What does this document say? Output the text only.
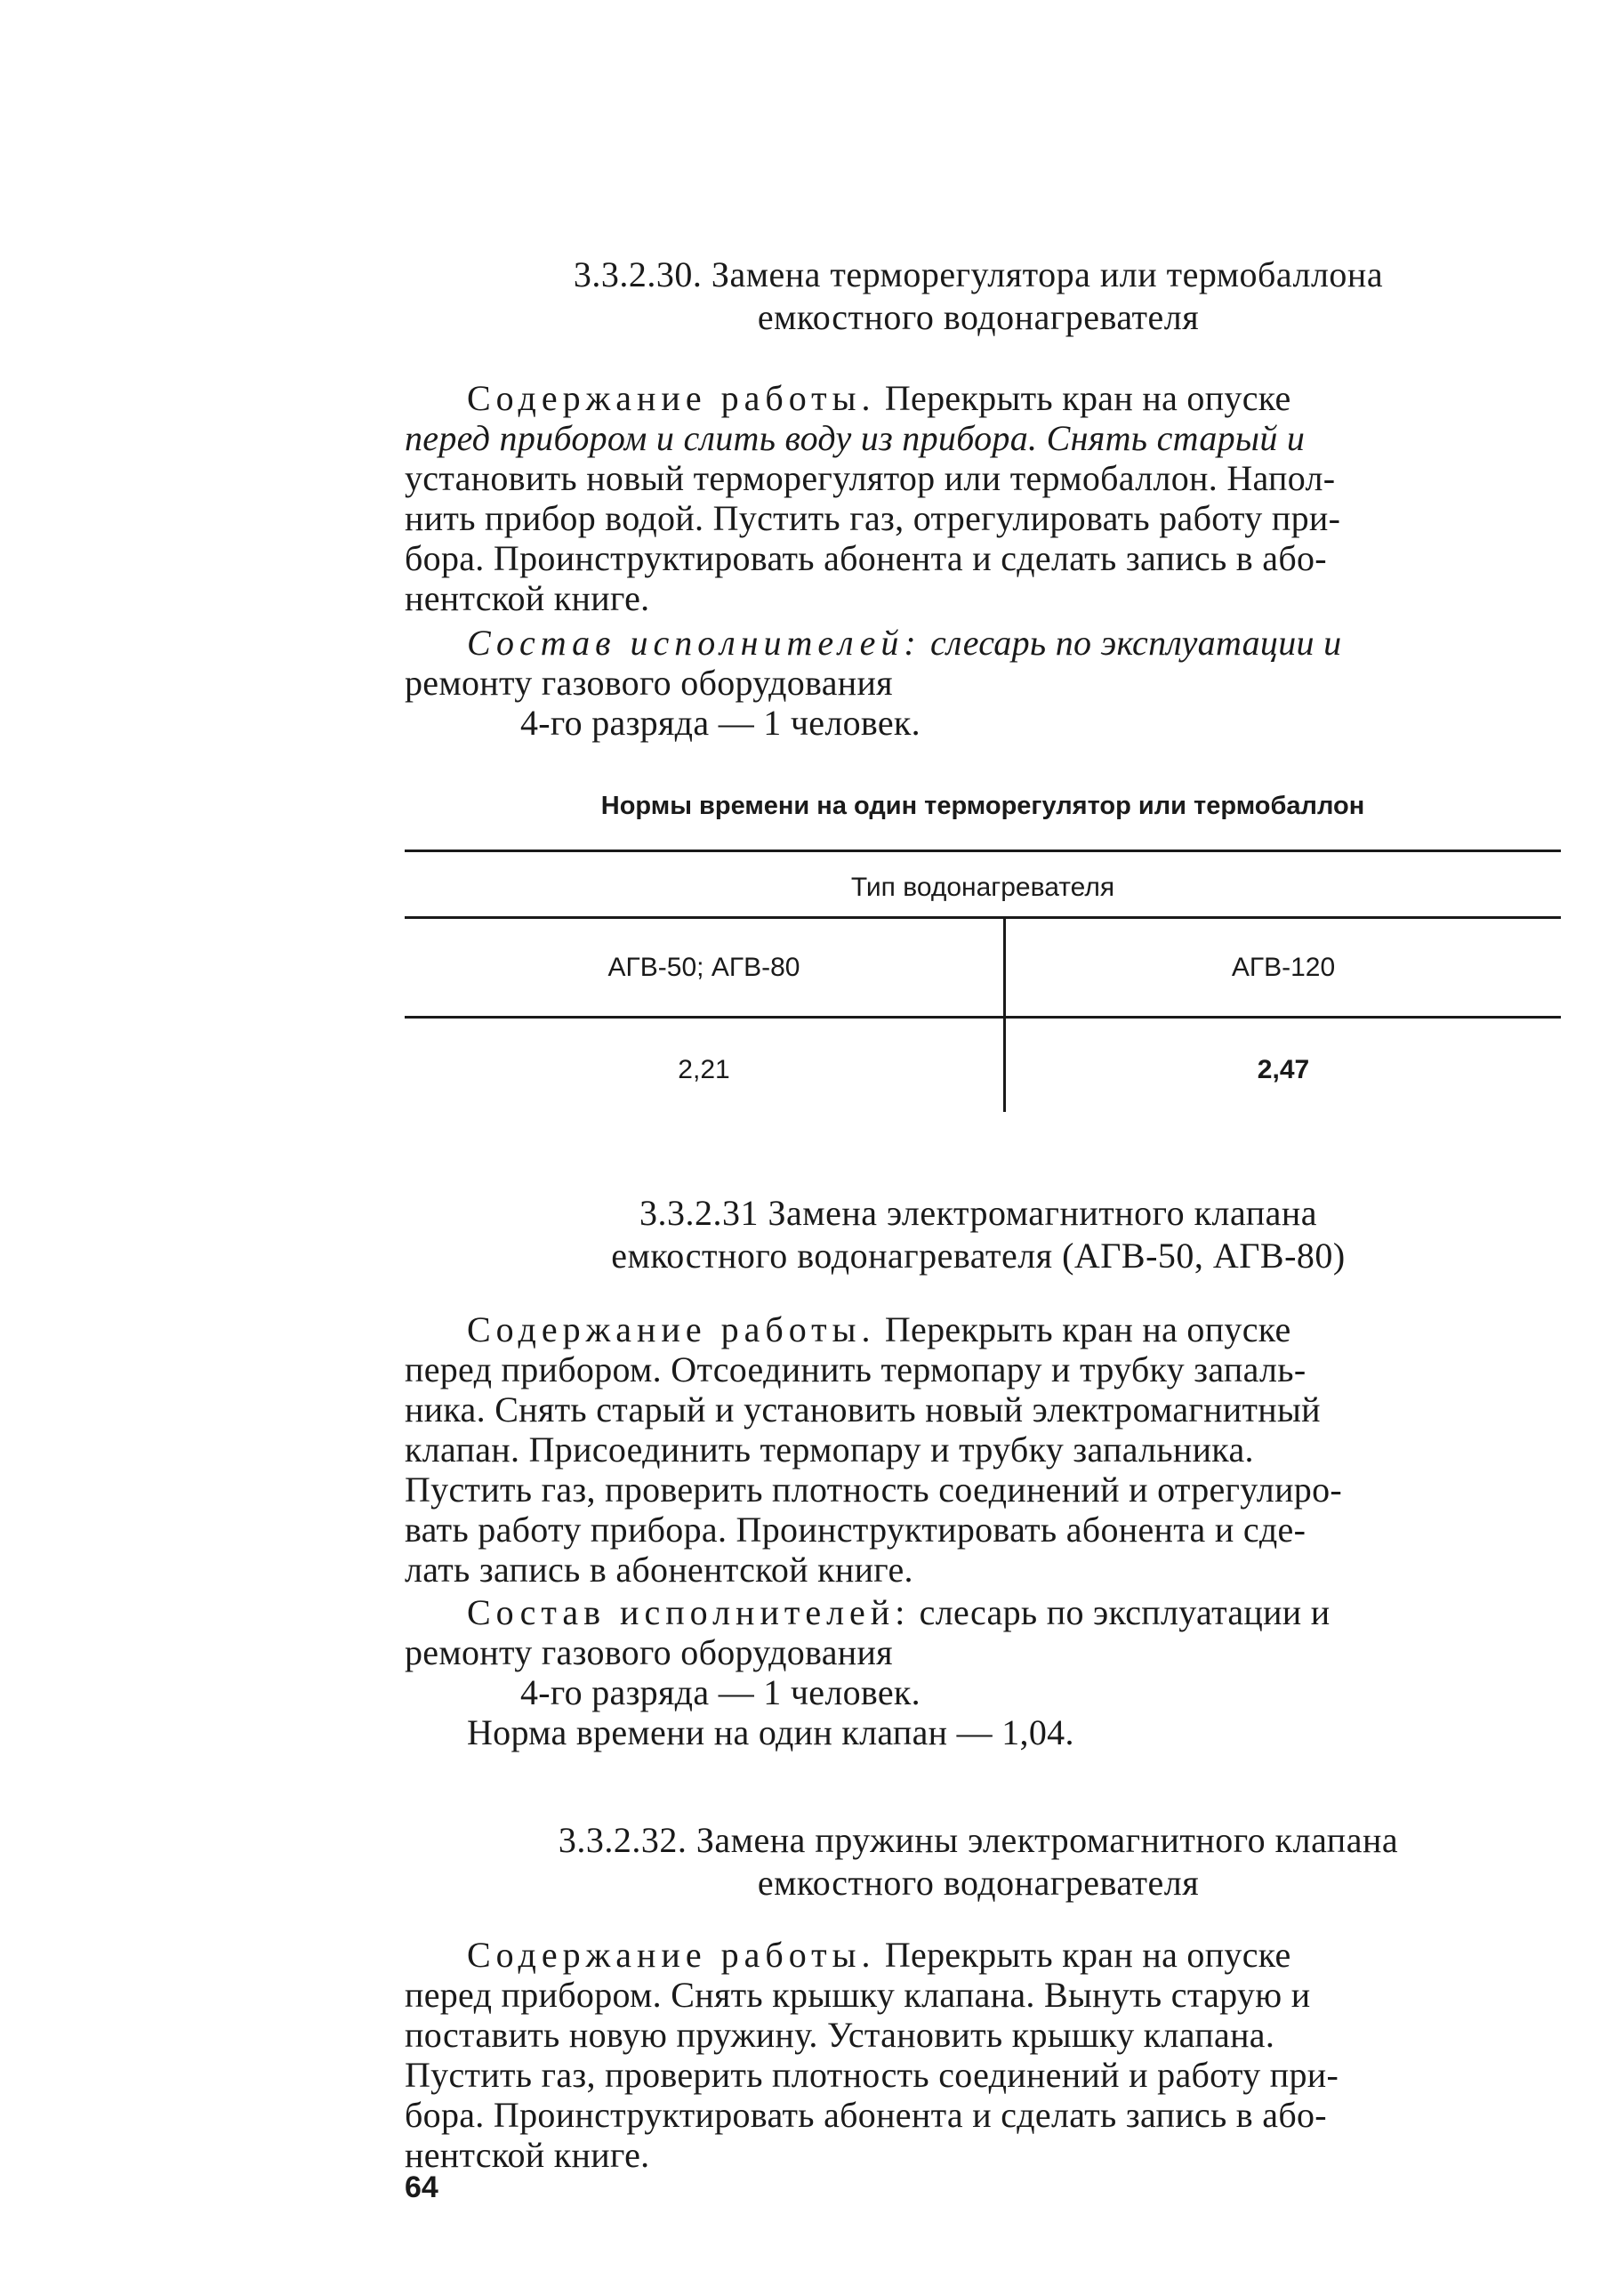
3.3.2.30. Замена терморегулятора или термобаллона
емкостного водонагревателя
Содержание работы. Перекрыть кран на опуске
перед прибором и слить воду из прибора. Снять старый и
установить новый терморегулятор или термобаллон. Напол-
нить прибор водой. Пустить газ, отрегулировать работу при-
бора. Проинструктировать абонента и сделать запись в або-
нентской книге.
Состав исполнителей: слесарь по эксплуатации и
ремонту газового оборудования
4-го разряда — 1 человек.
Нормы времени на один терморегулятор или термобаллон
Тип водонагревателя
АГВ-50; АГВ-80	АГВ-120
2,21	2,47
3.3.2.31 Замена электромагнитного клапана
емкостного водонагревателя (АГВ-50, АГВ-80)
Содержание работы. Перекрыть кран на опуске
перед прибором. Отсоединить термопару и трубку запаль-
ника. Снять старый и установить новый электромагнитный
клапан. Присоединить термопару и трубку запальника.
Пустить газ, проверить плотность соединений и отрегулиро-
вать работу прибора. Проинструктировать абонента и сде-
лать запись в абонентской книге.
Состав исполнителей: слесарь по эксплуатации и
ремонту газового оборудования
4-го разряда — 1 человек.
Норма времени на один клапан — 1,04.
3.3.2.32. Замена пружины электромагнитного клапана
емкостного водонагревателя
Содержание работы. Перекрыть кран на опуске
перед прибором. Снять крышку клапана. Вынуть старую и
поставить новую пружину. Установить крышку клапана.
Пустить газ, проверить плотность соединений и работу при-
бора. Проинструктировать абонента и сделать запись в або-
нентской книге.
64
